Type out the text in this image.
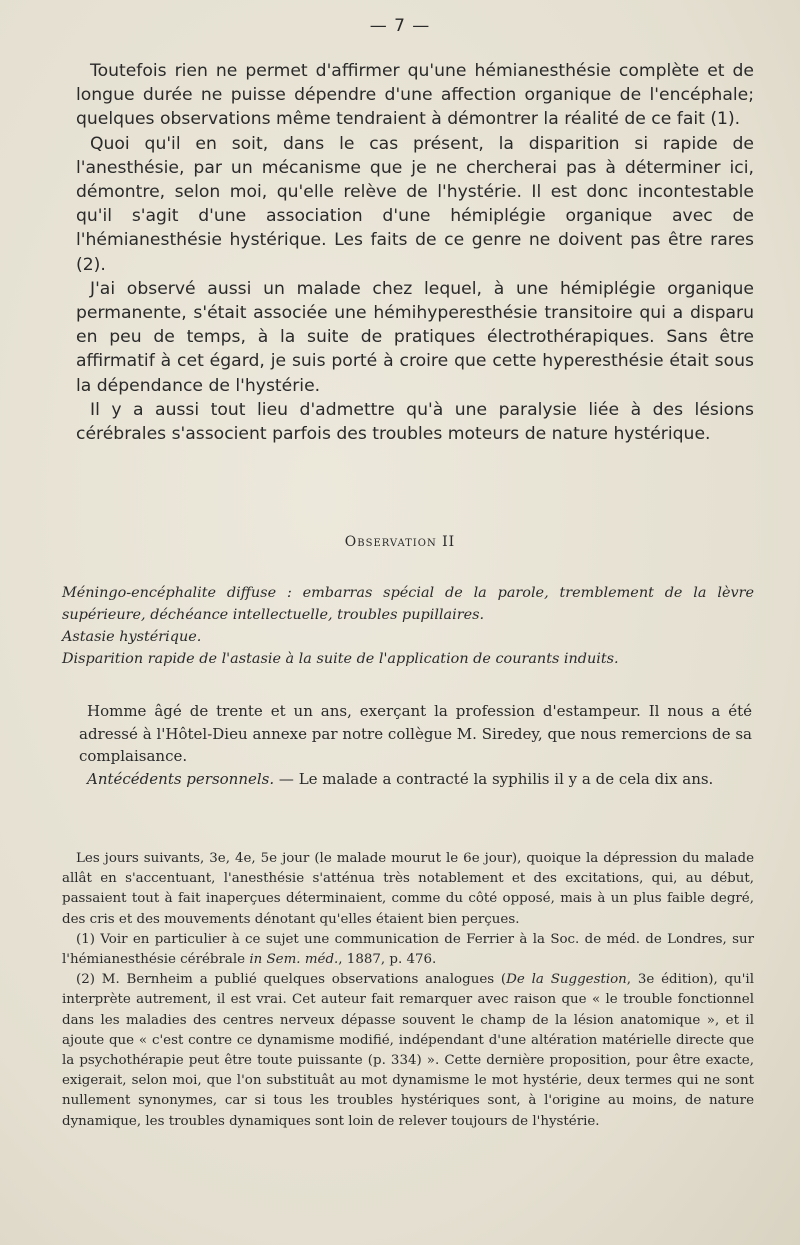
— 7 —

Toutefois rien ne permet d'affirmer qu'une hémianesthésie complète et de longue durée ne puisse dépendre d'une affection organique de l'encéphale; quelques observations même tendraient à démontrer la réalité de ce fait (1).

Quoi qu'il en soit, dans le cas présent, la disparition si rapide de l'anesthésie, par un mécanisme que je ne chercherai pas à déterminer ici, démontre, selon moi, qu'elle relève de l'hystérie. Il est donc incontestable qu'il s'agit d'une association d'une hémiplégie organique avec de l'hémianesthésie hystérique. Les faits de ce genre ne doivent pas être rares (2).

J'ai observé aussi un malade chez lequel, à une hémiplégie organique permanente, s'était associée une hémihyperesthésie transitoire qui a disparu en peu de temps, à la suite de pratiques électrothérapiques. Sans être affirmatif à cet égard, je suis porté à croire que cette hyperesthésie était sous la dépendance de l'hystérie.

Il y a aussi tout lieu d'admettre qu'à une paralysie liée à des lésions cérébrales s'associent parfois des troubles moteurs de nature hystérique.

Observation II

Méningo-encéphalite diffuse : embarras spécial de la parole, tremblement de la lèvre supérieure, déchéance intellectuelle, troubles pupillaires.

Astasie hystérique.

Disparition rapide de l'astasie à la suite de l'application de courants induits.

Homme âgé de trente et un ans, exerçant la profession d'estampeur. Il nous a été adressé à l'Hôtel-Dieu annexe par notre collègue M. Siredey, que nous remercions de sa complaisance.

Antécédents personnels. — Le malade a contracté la syphilis il y a de cela dix ans.

Les jours suivants, 3e, 4e, 5e jour (le malade mourut le 6e jour), quoique la dépression du malade allât en s'accentuant, l'anesthésie s'atténua très notablement et des excitations, qui, au début, passaient tout à fait inaperçues déterminaient, comme du côté opposé, mais à un plus faible degré, des cris et des mouvements dénotant qu'elles étaient bien perçues.

(1) Voir en particulier à ce sujet une communication de Ferrier à la Soc. de méd. de Londres, sur l'hémianesthésie cérébrale in Sem. méd., 1887, p. 476.

(2) M. Bernheim a publié quelques observations analogues (De la Suggestion, 3e édition), qu'il interprète autrement, il est vrai. Cet auteur fait remarquer avec raison que « le trouble fonctionnel dans les maladies des centres nerveux dépasse souvent le champ de la lésion anatomique », et il ajoute que « c'est contre ce dynamisme modifié, indépendant d'une altération matérielle directe que la psychothérapie peut être toute puissante (p. 334) ». Cette dernière proposition, pour être exacte, exigerait, selon moi, que l'on substituât au mot dynamisme le mot hystérie, deux termes qui ne sont nullement synonymes, car si tous les troubles hystériques sont, à l'origine au moins, de nature dynamique, les troubles dynamiques sont loin de relever toujours de l'hystérie.
